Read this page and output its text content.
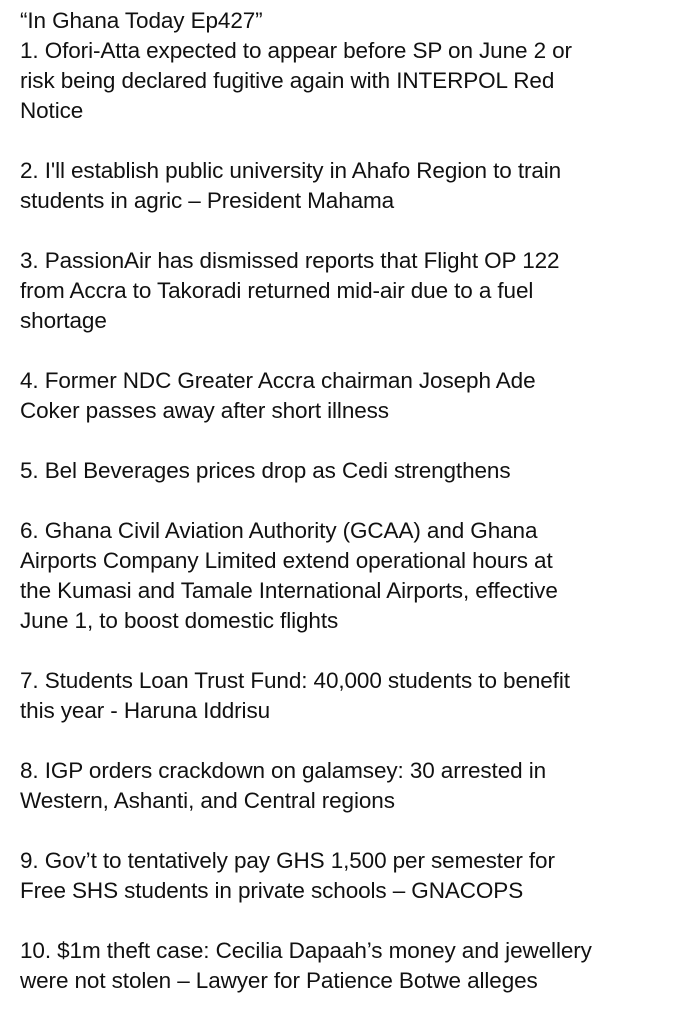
“In Ghana Today Ep427”
1. Ofori-Atta expected to appear before SP on June 2 or
risk being declared fugitive again with INTERPOL Red
Notice
2. I'll establish public university in Ahafo Region to train
students in agric – President Mahama
3. PassionAir has dismissed reports that Flight OP 122
from Accra to Takoradi returned mid-air due to a fuel
shortage
4. Former NDC Greater Accra chairman Joseph Ade
Coker passes away after short illness
5. Bel Beverages prices drop as Cedi strengthens
6. Ghana Civil Aviation Authority (GCAA) and Ghana
Airports Company Limited extend operational hours at
the Kumasi and Tamale International Airports, effective
June 1, to boost domestic flights
7. Students Loan Trust Fund: 40,000 students to benefit
this year - Haruna Iddrisu
8. IGP orders crackdown on galamsey: 30 arrested in
Western, Ashanti, and Central regions
9. Gov’t to tentatively pay GHS 1,500 per semester for
Free SHS students in private schools – GNACOPS
10. $1m theft case: Cecilia Dapaah’s money and jewellery
were not stolen – Lawyer for Patience Botwe alleges
